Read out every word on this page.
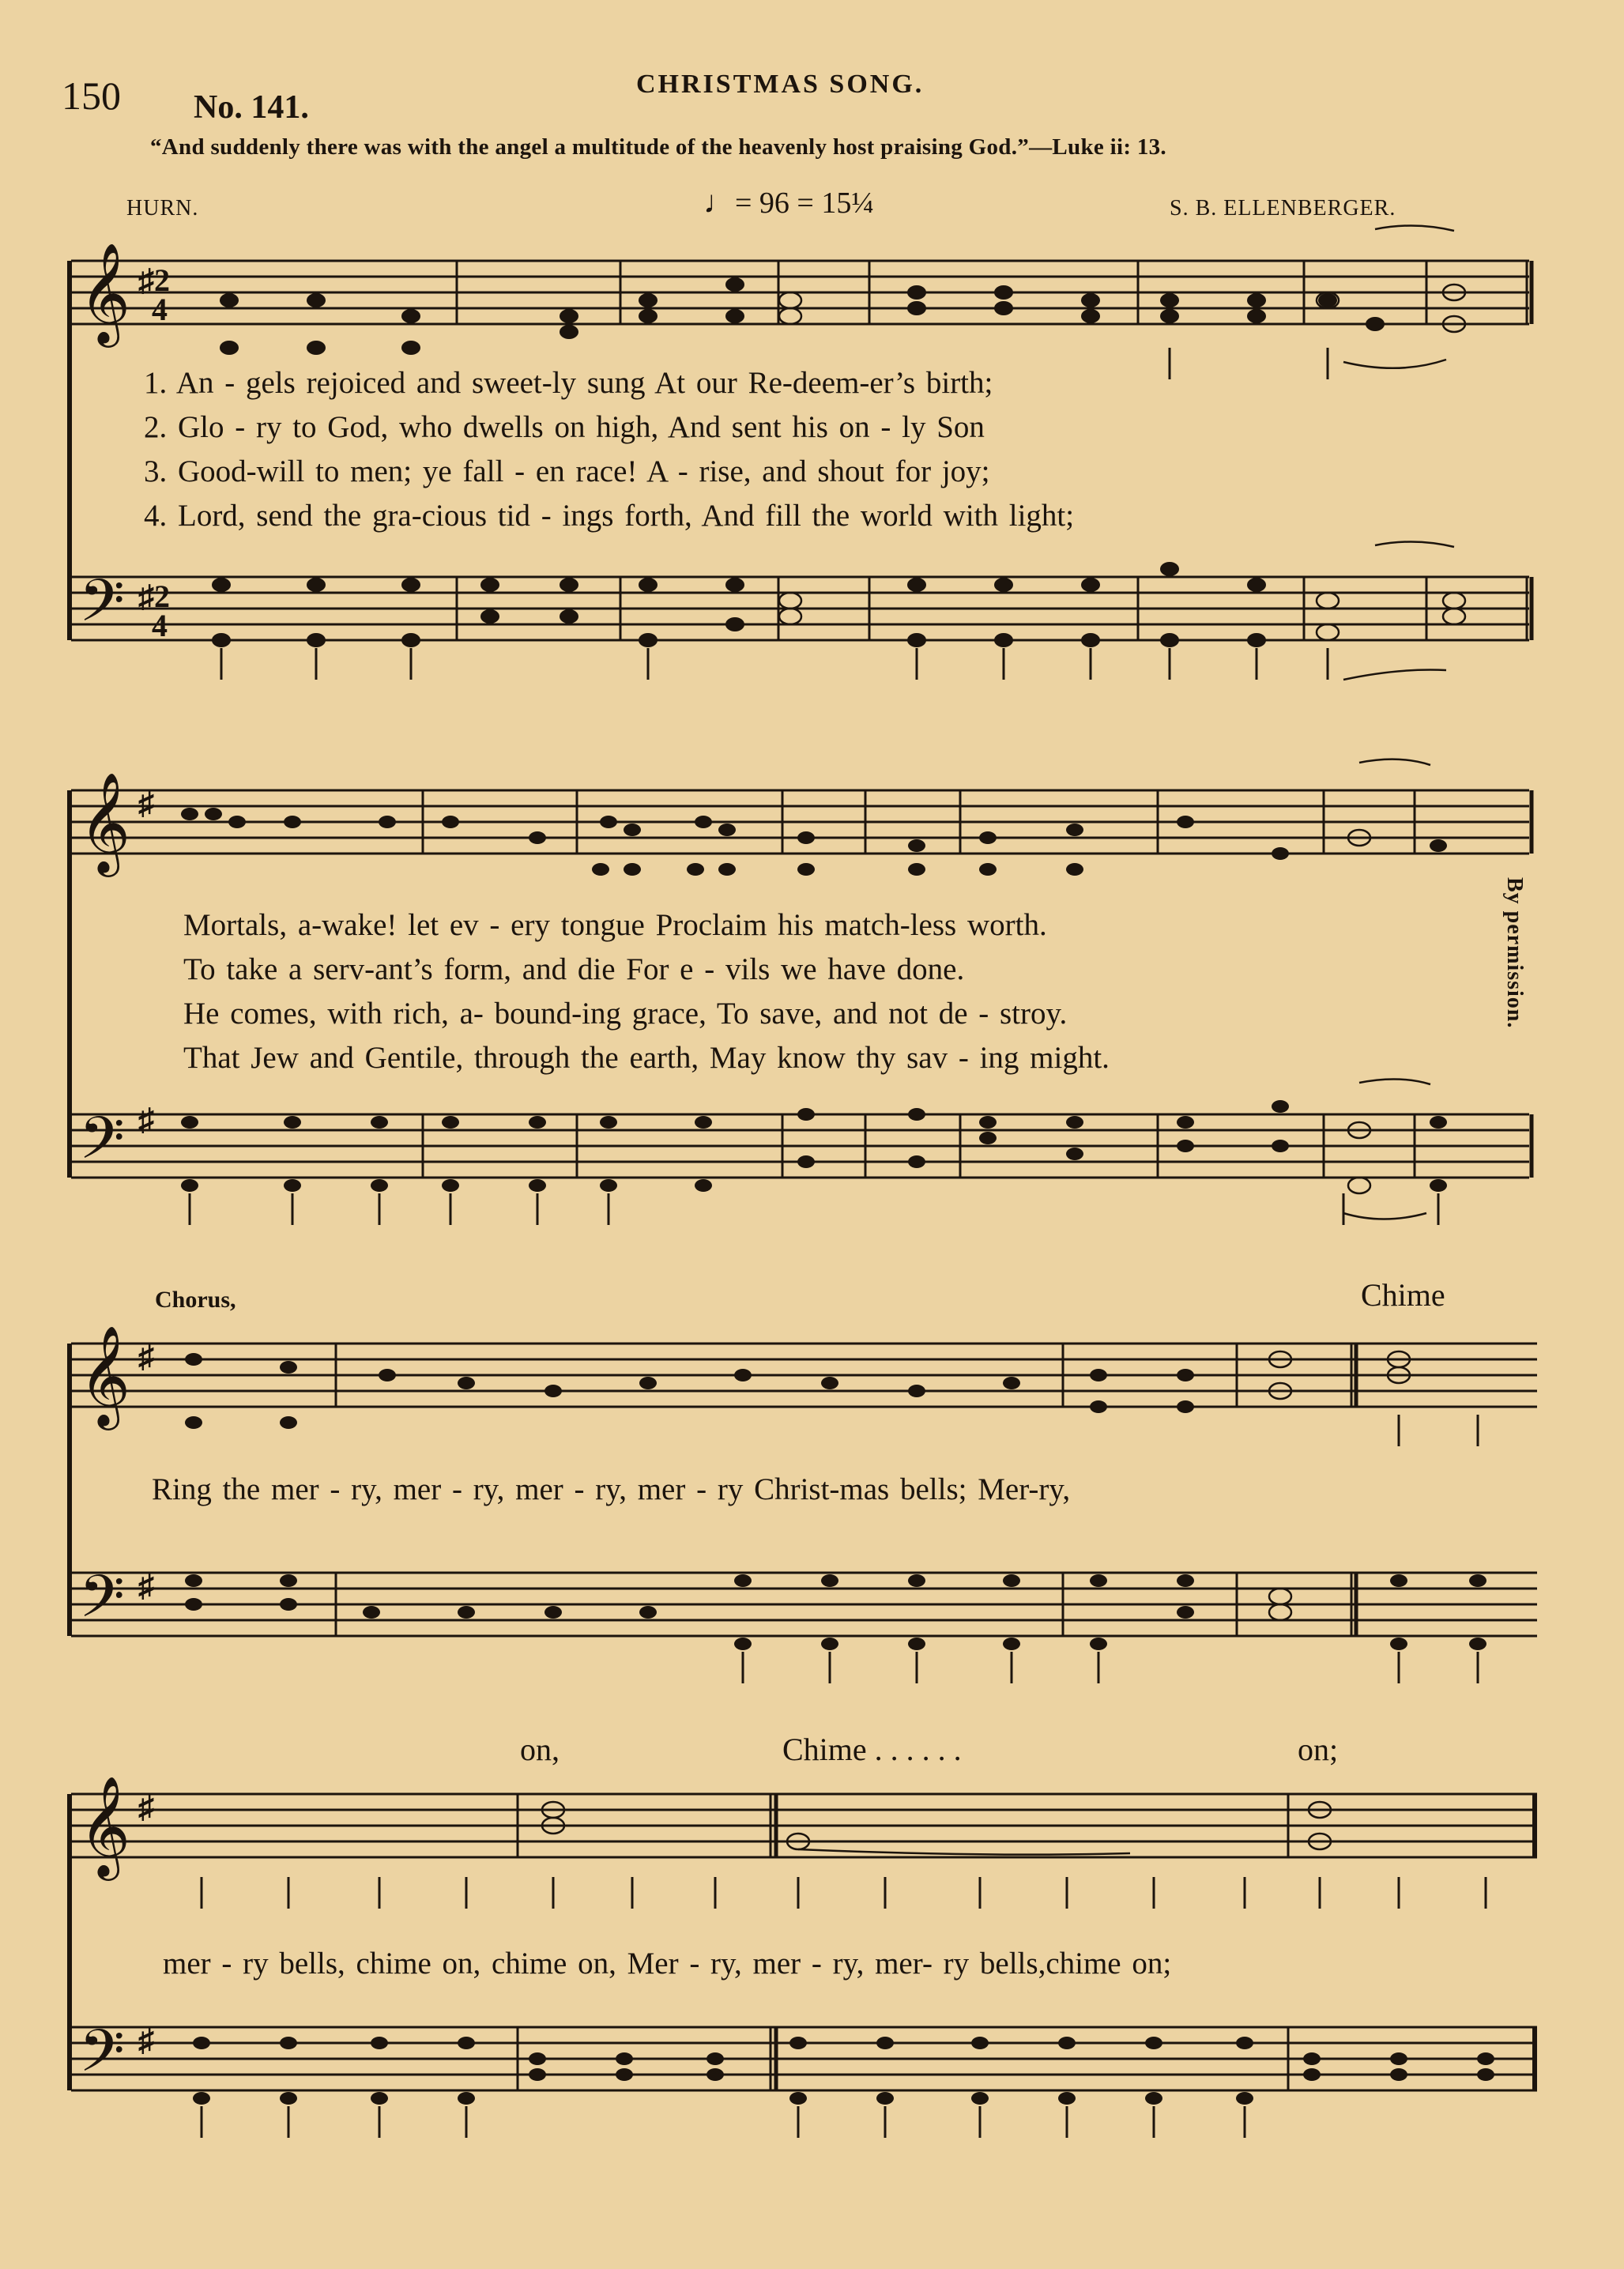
150	CHRISTMAS SONG.
No. 141.
“And suddenly there was with the angel a multitude of the heavenly host praising God.”—Luke ii: 13.
HURN.	♩= 96 = 15¼	S. B. ELLENBERGER.
𝄞
𝄢
♯2
4
♯2
4
𝄞
𝄢
♯
♯
𝄞
𝄢
♯
♯
𝄞
𝄢
♯
♯
1. An - gels rejoiced and sweet-ly sung At our Re-deem-er’s birth;
2. Glo - ry to God, who dwells on high, And sent his on - ly Son
3. Good-will to men; ye fall - en race! A - rise, and shout for joy;
4. Lord, send the gra-cious tid - ings forth, And fill the world with light;
Mortals, a-wake! let ev - ery tongue Proclaim his match-less worth.
To take a serv-ant’s form, and die For e - vils we have done.
He comes, with rich, a- bound-ing grace, To save, and not de - stroy.
That Jew and Gentile, through the earth, May know thy sav - ing might.
Chorus,	Chime
Ring the mer - ry, mer - ry, mer - ry, mer - ry Christ-mas bells; Mer-ry,
on,	Chime . . . . . .	on;
mer - ry bells, chime on, chime on, Mer - ry, mer - ry, mer- ry bells,chime on;
By permission.
